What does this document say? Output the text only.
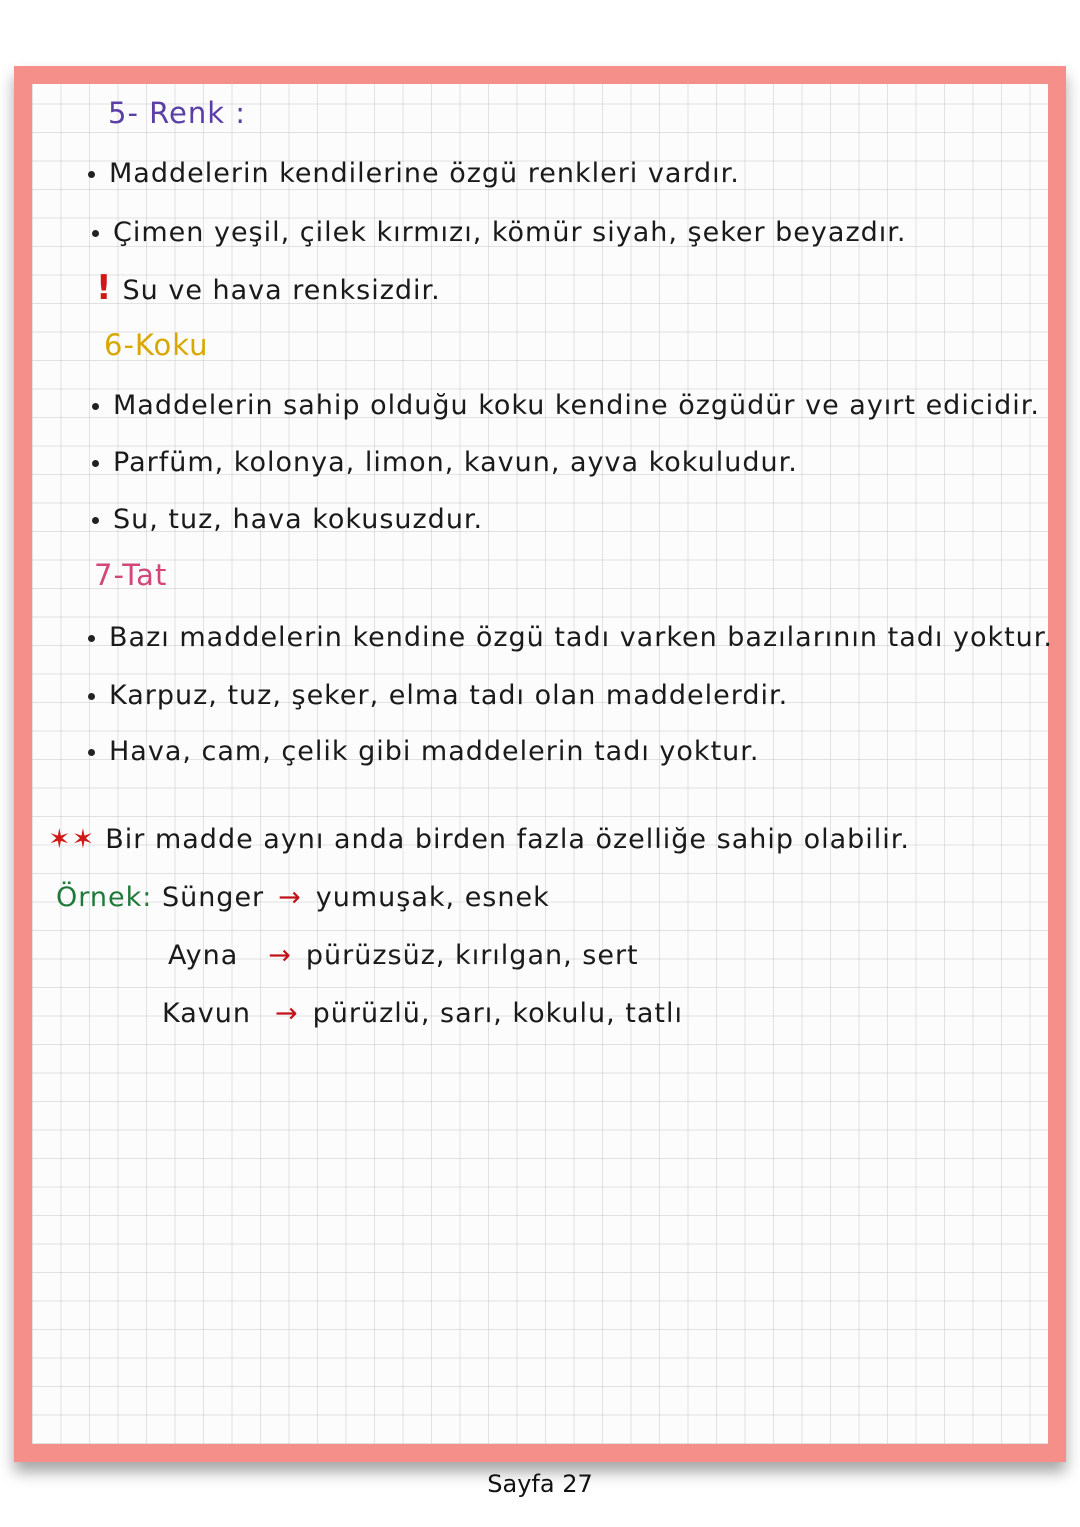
5- Renk :
Maddelerin kendilerine özgü renkleri vardır.
Çimen yeşil, çilek kırmızı, kömür siyah, şeker beyazdır.
! Su ve hava renksizdir.
6-Koku
Maddelerin sahip olduğu koku kendine özgüdür ve ayırt edicidir.
Parfüm, kolonya, limon, kavun, ayva kokuludur.
Su, tuz, hava kokusuzdur.
7-Tat
Bazı maddelerin kendine özgü tadı varken bazılarının tadı yoktur.
Karpuz, tuz, şeker, elma tadı olan maddelerdir.
Hava, cam, çelik gibi maddelerin tadı yoktur.
✶✶ Bir madde aynı anda birden fazla özelliğe sahip olabilir.
Örnek: Sünger → yumuşak, esnek
Ayna → pürüzsüz, kırılgan, sert
Kavun → pürüzlü, sarı, kokulu, tatlı
Sayfa 27
